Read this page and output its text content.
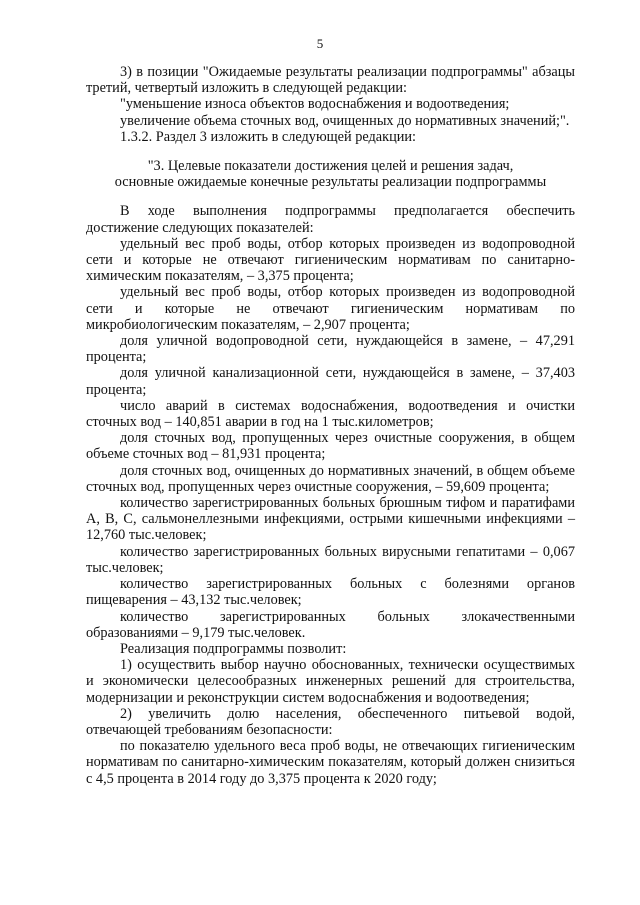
5

3) в позиции "Ожидаемые результаты реализации подпрограммы" абзацы третий, четвертый изложить в следующей редакции:

"уменьшение износа объектов водоснабжения и водоотведения;

увеличение объема сточных вод, очищенных до нормативных значений;".

1.3.2. Раздел 3 изложить в следующей редакции:

"3. Целевые показатели достижения целей и решения задач,
основные ожидаемые конечные результаты реализации подпрограммы

В ходе выполнения подпрограммы предполагается обеспечить достижение следующих показателей:

удельный вес проб воды, отбор которых произведен из водопроводной сети и которые не отвечают гигиеническим нормативам по санитарно-химическим показателям, – 3,375 процента;

удельный вес проб воды, отбор которых произведен из водопроводной сети и которые не отвечают гигиеническим нормативам по микробиологическим показателям, – 2,907 процента;

доля уличной водопроводной сети, нуждающейся в замене, – 47,291 процента;

доля уличной канализационной сети, нуждающейся в замене, – 37,403 процента;

число аварий в системах водоснабжения, водоотведения и очистки сточных вод – 140,851 аварии в год на 1 тыс.километров;

доля сточных вод, пропущенных через очистные сооружения, в общем объеме сточных вод – 81,931 процента;

доля сточных вод, очищенных до нормативных значений, в общем объеме сточных вод, пропущенных через очистные сооружения, – 59,609 процента;

количество зарегистрированных больных брюшным тифом и паратифами А, В, С, сальмонеллезными инфекциями, острыми кишечными инфекциями – 12,760 тыс.человек;

количество зарегистрированных больных вирусными гепатитами – 0,067 тыс.человек;

количество зарегистрированных больных с болезнями органов пищеварения – 43,132 тыс.человек;

количество зарегистрированных больных злокачественными образованиями – 9,179 тыс.человек.

Реализация подпрограммы позволит:

1) осуществить выбор научно обоснованных, технически осуществимых и экономически целесообразных инженерных решений для строительства, модернизации и реконструкции систем водоснабжения и водоотведения;

2) увеличить долю населения, обеспеченного питьевой водой, отвечающей требованиям безопасности:

по показателю удельного веса проб воды, не отвечающих гигиеническим нормативам по санитарно-химическим показателям, который должен снизиться с 4,5 процента в 2014 году до 3,375 процента к 2020 году;
